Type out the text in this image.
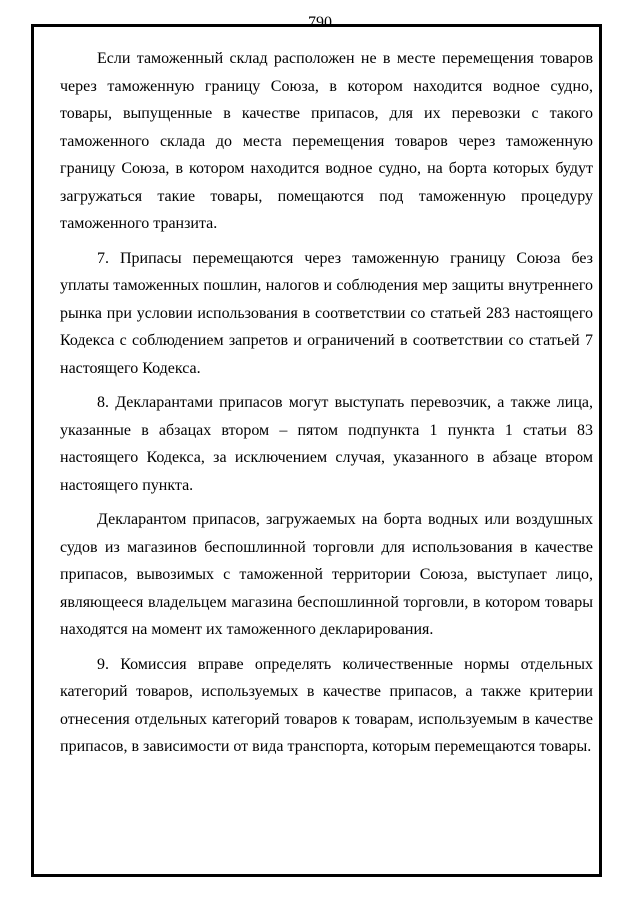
790

Если таможенный склад расположен не в месте перемещения товаров через таможенную границу Союза, в котором находится водное судно, товары, выпущенные в качестве припасов, для их перевозки с такого таможенного склада до места перемещения товаров через таможенную границу Союза, в котором находится водное судно, на борта которых будут загружаться такие товары, помещаются под таможенную процедуру таможенного транзита.

7. Припасы перемещаются через таможенную границу Союза без уплаты таможенных пошлин, налогов и соблюдения мер защиты внутреннего рынка при условии использования в соответствии со статьей 283 настоящего Кодекса с соблюдением запретов и ограничений в соответствии со статьей 7 настоящего Кодекса.

8. Декларантами припасов могут выступать перевозчик, а также лица, указанные в абзацах втором – пятом подпункта 1 пункта 1 статьи 83 настоящего Кодекса, за исключением случая, указанного в абзаце втором настоящего пункта.

Декларантом припасов, загружаемых на борта водных или воздушных судов из магазинов беспошлинной торговли для использования в качестве припасов, вывозимых с таможенной территории Союза, выступает лицо, являющееся владельцем магазина беспошлинной торговли, в котором товары находятся на момент их таможенного декларирования.

9. Комиссия вправе определять количественные нормы отдельных категорий товаров, используемых в качестве припасов, а также критерии отнесения отдельных категорий товаров к товарам, используемым в качестве припасов, в зависимости от вида транспорта, которым перемещаются товары.
